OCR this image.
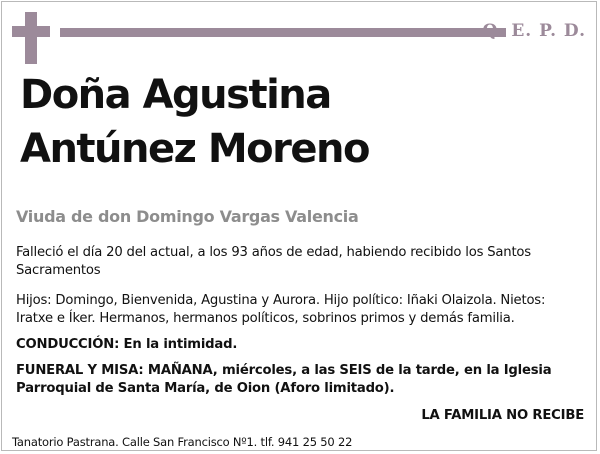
Q. E. P. D.
Doña Agustina
Antúnez Moreno
Viuda de don Domingo Vargas Valencia
Falleció el día 20 del actual, a los 93 años de edad, habiendo recibido los Santos Sacramentos
Hijos: Domingo, Bienvenida, Agustina y Aurora. Hijo político: Iñaki Olaizola. Nietos: Iratxe e Íker. Hermanos, hermanos políticos, sobrinos primos y demás familia.
CONDUCCIÓN: En la intimidad.
FUNERAL Y MISA: MAÑANA, miércoles, a las SEIS de la tarde, en la Iglesia Parroquial de Santa María, de Oion (Aforo limitado).
LA FAMILIA NO RECIBE
Tanatorio Pastrana. Calle San Francisco Nº1. tlf. 941 25 50 22
